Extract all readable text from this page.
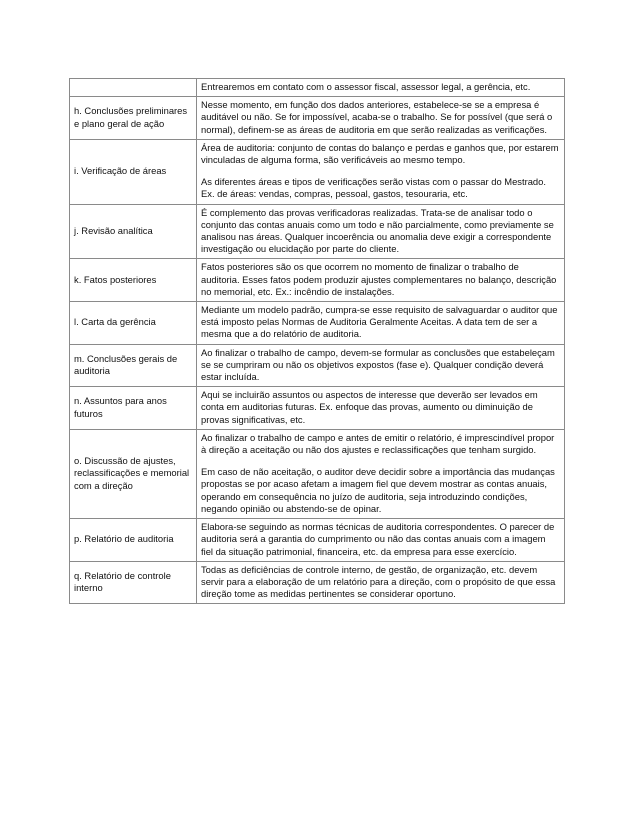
	Entrearemos em contato com o assessor fiscal, assessor legal, a gerência, etc.

h. Conclusões preliminares e plano geral de ação	Nesse momento, em função dos dados anteriores, estabelece-se se a empresa é auditável ou não. Se for impossível, acaba-se o trabalho. Se for possível (que será o normal), definem-se as áreas de auditoria em que serão realizadas as verificações.

i. Verificação de áreas	Área de auditoria: conjunto de contas do balanço e perdas e ganhos que, por estarem vinculadas de alguma forma, são verificáveis ao mesmo tempo.

As diferentes áreas e tipos de verificações serão vistas com o passar do Mestrado. Ex. de áreas: vendas, compras, pessoal, gastos, tesouraria, etc.

j. Revisão analítica	É complemento das provas verificadoras realizadas. Trata-se de analisar todo o conjunto das contas anuais como um todo e não parcialmente, como previamente se analisou nas áreas. Qualquer incoerência ou anomalia deve exigir a correspondente investigação ou elucidação por parte do cliente.

k. Fatos posteriores	Fatos posteriores são os que ocorrem no momento de finalizar o trabalho de auditoria. Esses fatos podem produzir ajustes complementares no balanço, descrição no memorial, etc. Ex.: incêndio de instalações.

l. Carta da gerência	Mediante um modelo padrão, cumpra-se esse requisito de salvaguardar o auditor que está imposto pelas Normas de Auditoria Geralmente Aceitas. A data tem de ser a mesma que a do relatório de auditoria.

m. Conclusões gerais de auditoria	Ao finalizar o trabalho de campo, devem-se formular as conclusões que estabeleçam se se cumpriram ou não os objetivos expostos (fase e). Qualquer condição deverá estar incluída.

n. Assuntos para anos futuros	Aqui se incluirão assuntos ou aspectos de interesse que deverão ser levados em conta em auditorias futuras. Ex. enfoque das provas, aumento ou diminuição de provas significativas, etc.

o. Discussão de ajustes, reclassificações e memorial com a direção	Ao finalizar o trabalho de campo e antes de emitir o relatório, é imprescindível propor à direção a aceitação ou não dos ajustes e reclassificações que tenham surgido.

Em caso de não aceitação, o auditor deve decidir sobre a importância das mudanças propostas se por acaso afetam a imagem fiel que devem mostrar as contas anuais, operando em consequência no juízo de auditoria, seja introduzindo condições, negando opinião ou abstendo-se de opinar.

p. Relatório de auditoria	Elabora-se seguindo as normas técnicas de auditoria correspondentes. O parecer de auditoria será a garantia do cumprimento ou não das contas anuais com a imagem fiel da situação patrimonial, financeira, etc. da empresa para esse exercício.

q. Relatório de controle interno	Todas as deficiências de controle interno, de gestão, de organização, etc. devem servir para a elaboração de um relatório para a direção, com o propósito de que essa direção tome as medidas pertinentes se considerar oportuno.
